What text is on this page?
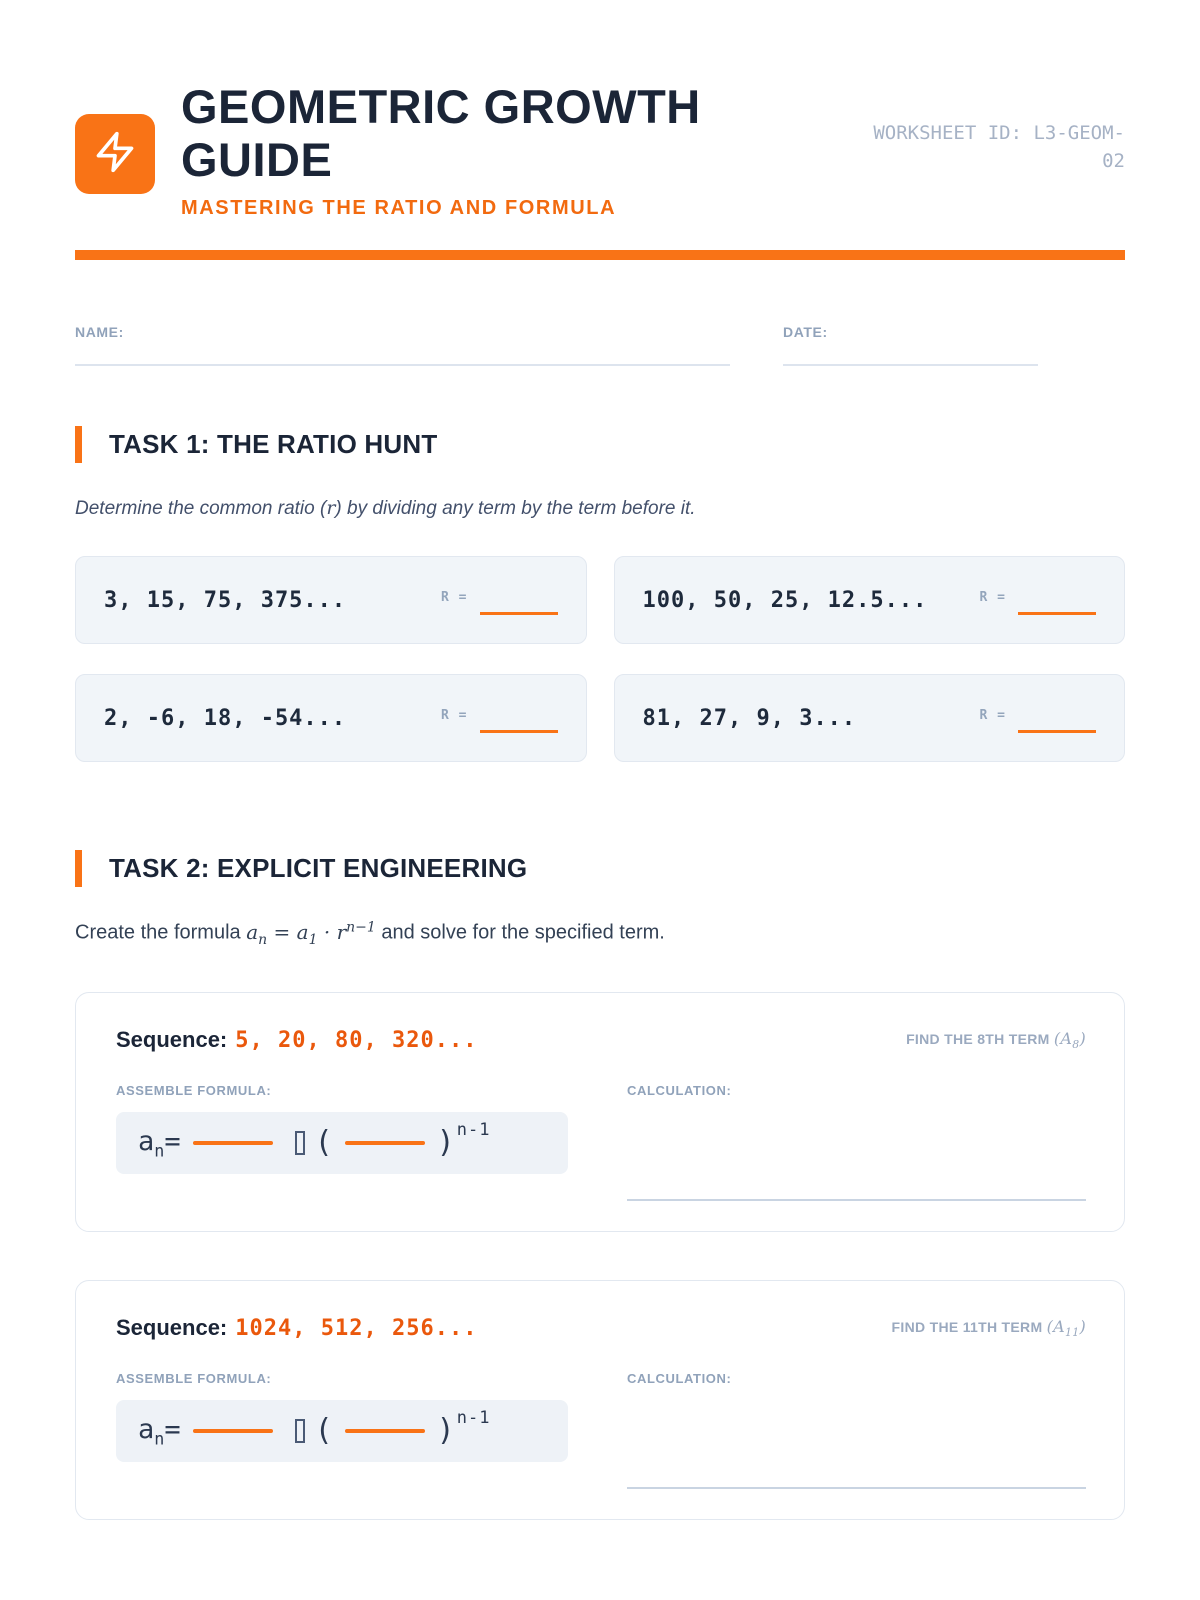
GEOMETRIC GROWTH GUIDE
MASTERING THE RATIO AND FORMULA
WORKSHEET ID: L3-GEOM-02
NAME:	DATE:
TASK 1: THE RATIO HUNT
Determine the common ratio (r) by dividing any term by the term before it.
3, 15, 75, 375...	R =	100, 50, 25, 12.5...	R =
2, -6, 18, -54...	R =	81, 27, 9, 3...	R =
TASK 2: EXPLICIT ENGINEERING
Create the formula $a_n = a_1 \cdot r^{n-1}$ and solve for the specified term.
Sequence: 5, 20, 80, 320...	FIND THE 8TH TERM $(A_8)$
ASSEMBLE FORMULA:
$a_n=$	(	) n-1
CALCULATION:
Sequence: 1024, 512, 256...	FIND THE 11TH TERM $(A_{11})$
ASSEMBLE FORMULA:
$a_n=$	(	) n-1
CALCULATION:
